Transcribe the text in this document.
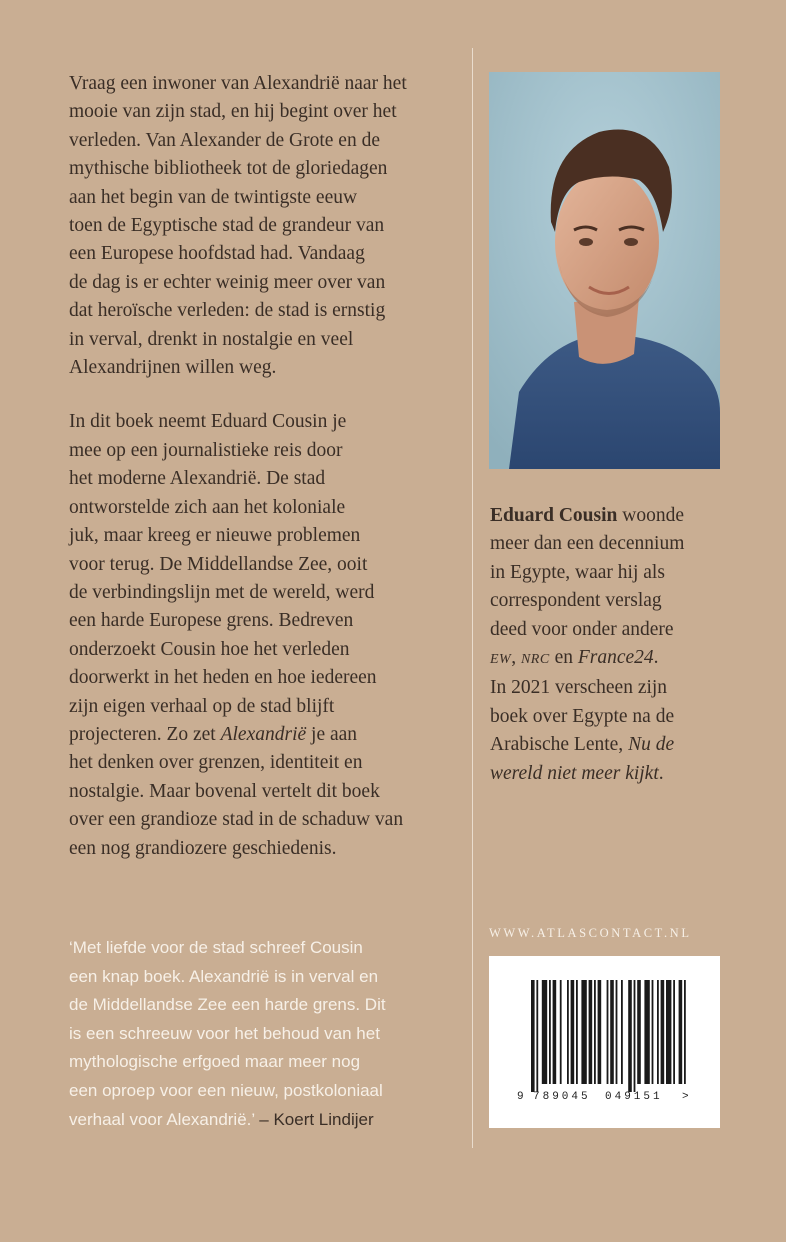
Vraag een inwoner van Alexandrië naar het
mooie van zijn stad, en hij begint over het
verleden. Van Alexander de Grote en de
mythische bibliotheek tot de gloriedagen
aan het begin van de twintigste eeuw
toen de Egyptische stad de grandeur van
een Europese hoofdstad had. Vandaag
de dag is er echter weinig meer over van
dat heroïsche verleden: de stad is ernstig
in verval, drenkt in nostalgie en veel
Alexandrijnen willen weg.

In dit boek neemt Eduard Cousin je
mee op een journalistieke reis door
het moderne Alexandrië. De stad
ontworstelde zich aan het koloniale
juk, maar kreeg er nieuwe problemen
voor terug. De Middellandse Zee, ooit
de verbindingslijn met de wereld, werd
een harde Europese grens. Bedreven
onderzoekt Cousin hoe het verleden
doorwerkt in het heden en hoe iedereen
zijn eigen verhaal op de stad blijft
projecteren. Zo zet Alexandrië je aan
het denken over grenzen, identiteit en
nostalgie. Maar bovenal vertelt dit boek
over een grandioze stad in de schaduw van
een nog grandiozere geschiedenis.

‘Met liefde voor de stad schreef Cousin
een knap boek. Alexandrië is in verval en
de Middellandse Zee een harde grens. Dit
is een schreeuw voor het behoud van het
mythologische erfgoed maar meer nog
een oproep voor een nieuw, postkoloniaal
verhaal voor Alexandrië.’ – Koert Lindijer
Eduard Cousin woonde
meer dan een decennium
in Egypte, waar hij als
correspondent verslag
deed voor onder andere
EW, NRC en France24.
In 2021 verscheen zijn
boek over Egypte na de
Arabische Lente, Nu de
wereld niet meer kijkt.
WWW.ATLASCONTACT.NL
9 789045 049151 >
